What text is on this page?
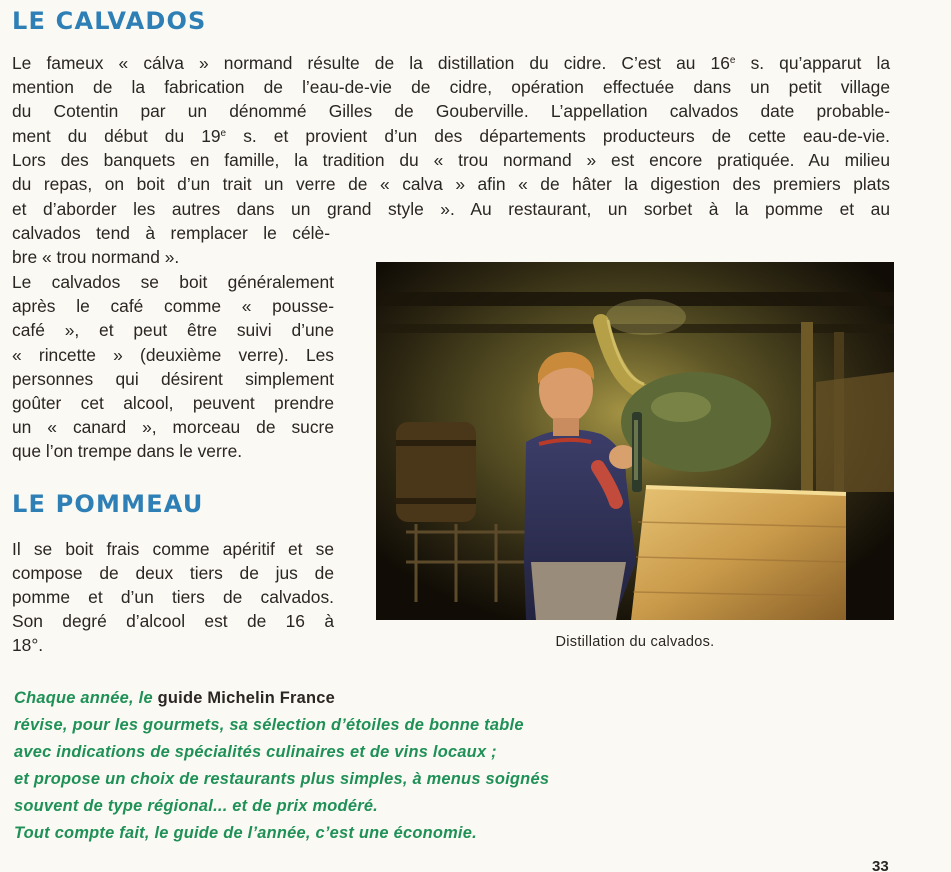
LE CALVADOS
Le fameux « cálva » normand résulte de la distillation du cidre. C’est au 16e s. qu’apparut la
mention de la fabrication de l’eau-de-vie de cidre, opération effectuée dans un petit village
du Cotentin par un dénommé Gilles de Gouberville. L’appellation calvados date probable-
ment du début du 19e s. et provient d’un des départements producteurs de cette eau-de-vie.
Lors des banquets en famille, la tradition du « trou normand » est encore pratiquée. Au milieu
du repas, on boit d’un trait un verre de « calva » afin « de hâter la digestion des premiers plats
et d’aborder les autres dans un grand style ». Au restaurant, un sorbet à la pomme et au
calvados tend à remplacer le célè-
bre « trou normand ».
Le calvados se boit généralement
après le café comme « pousse-
café », et peut être suivi d’une
« rincette » (deuxième verre). Les
personnes qui désirent simplement
goûter cet alcool, peuvent prendre
un « canard », morceau de sucre
que l’on trempe dans le verre.
LE POMMEAU
Il se boit frais comme apéritif et se
compose de deux tiers de jus de
pomme et d’un tiers de calvados.
Son degré d’alcool est de 16 à
18°.	Distillation du calvados.
Chaque année, le guide Michelin France
révise, pour les gourmets, sa sélection d’étoiles de bonne table
avec indications de spécialités culinaires et de vins locaux ;
et propose un choix de restaurants plus simples, à menus soignés
souvent de type régional... et de prix modéré.
Tout compte fait, le guide de l’année, c’est une économie.
33
